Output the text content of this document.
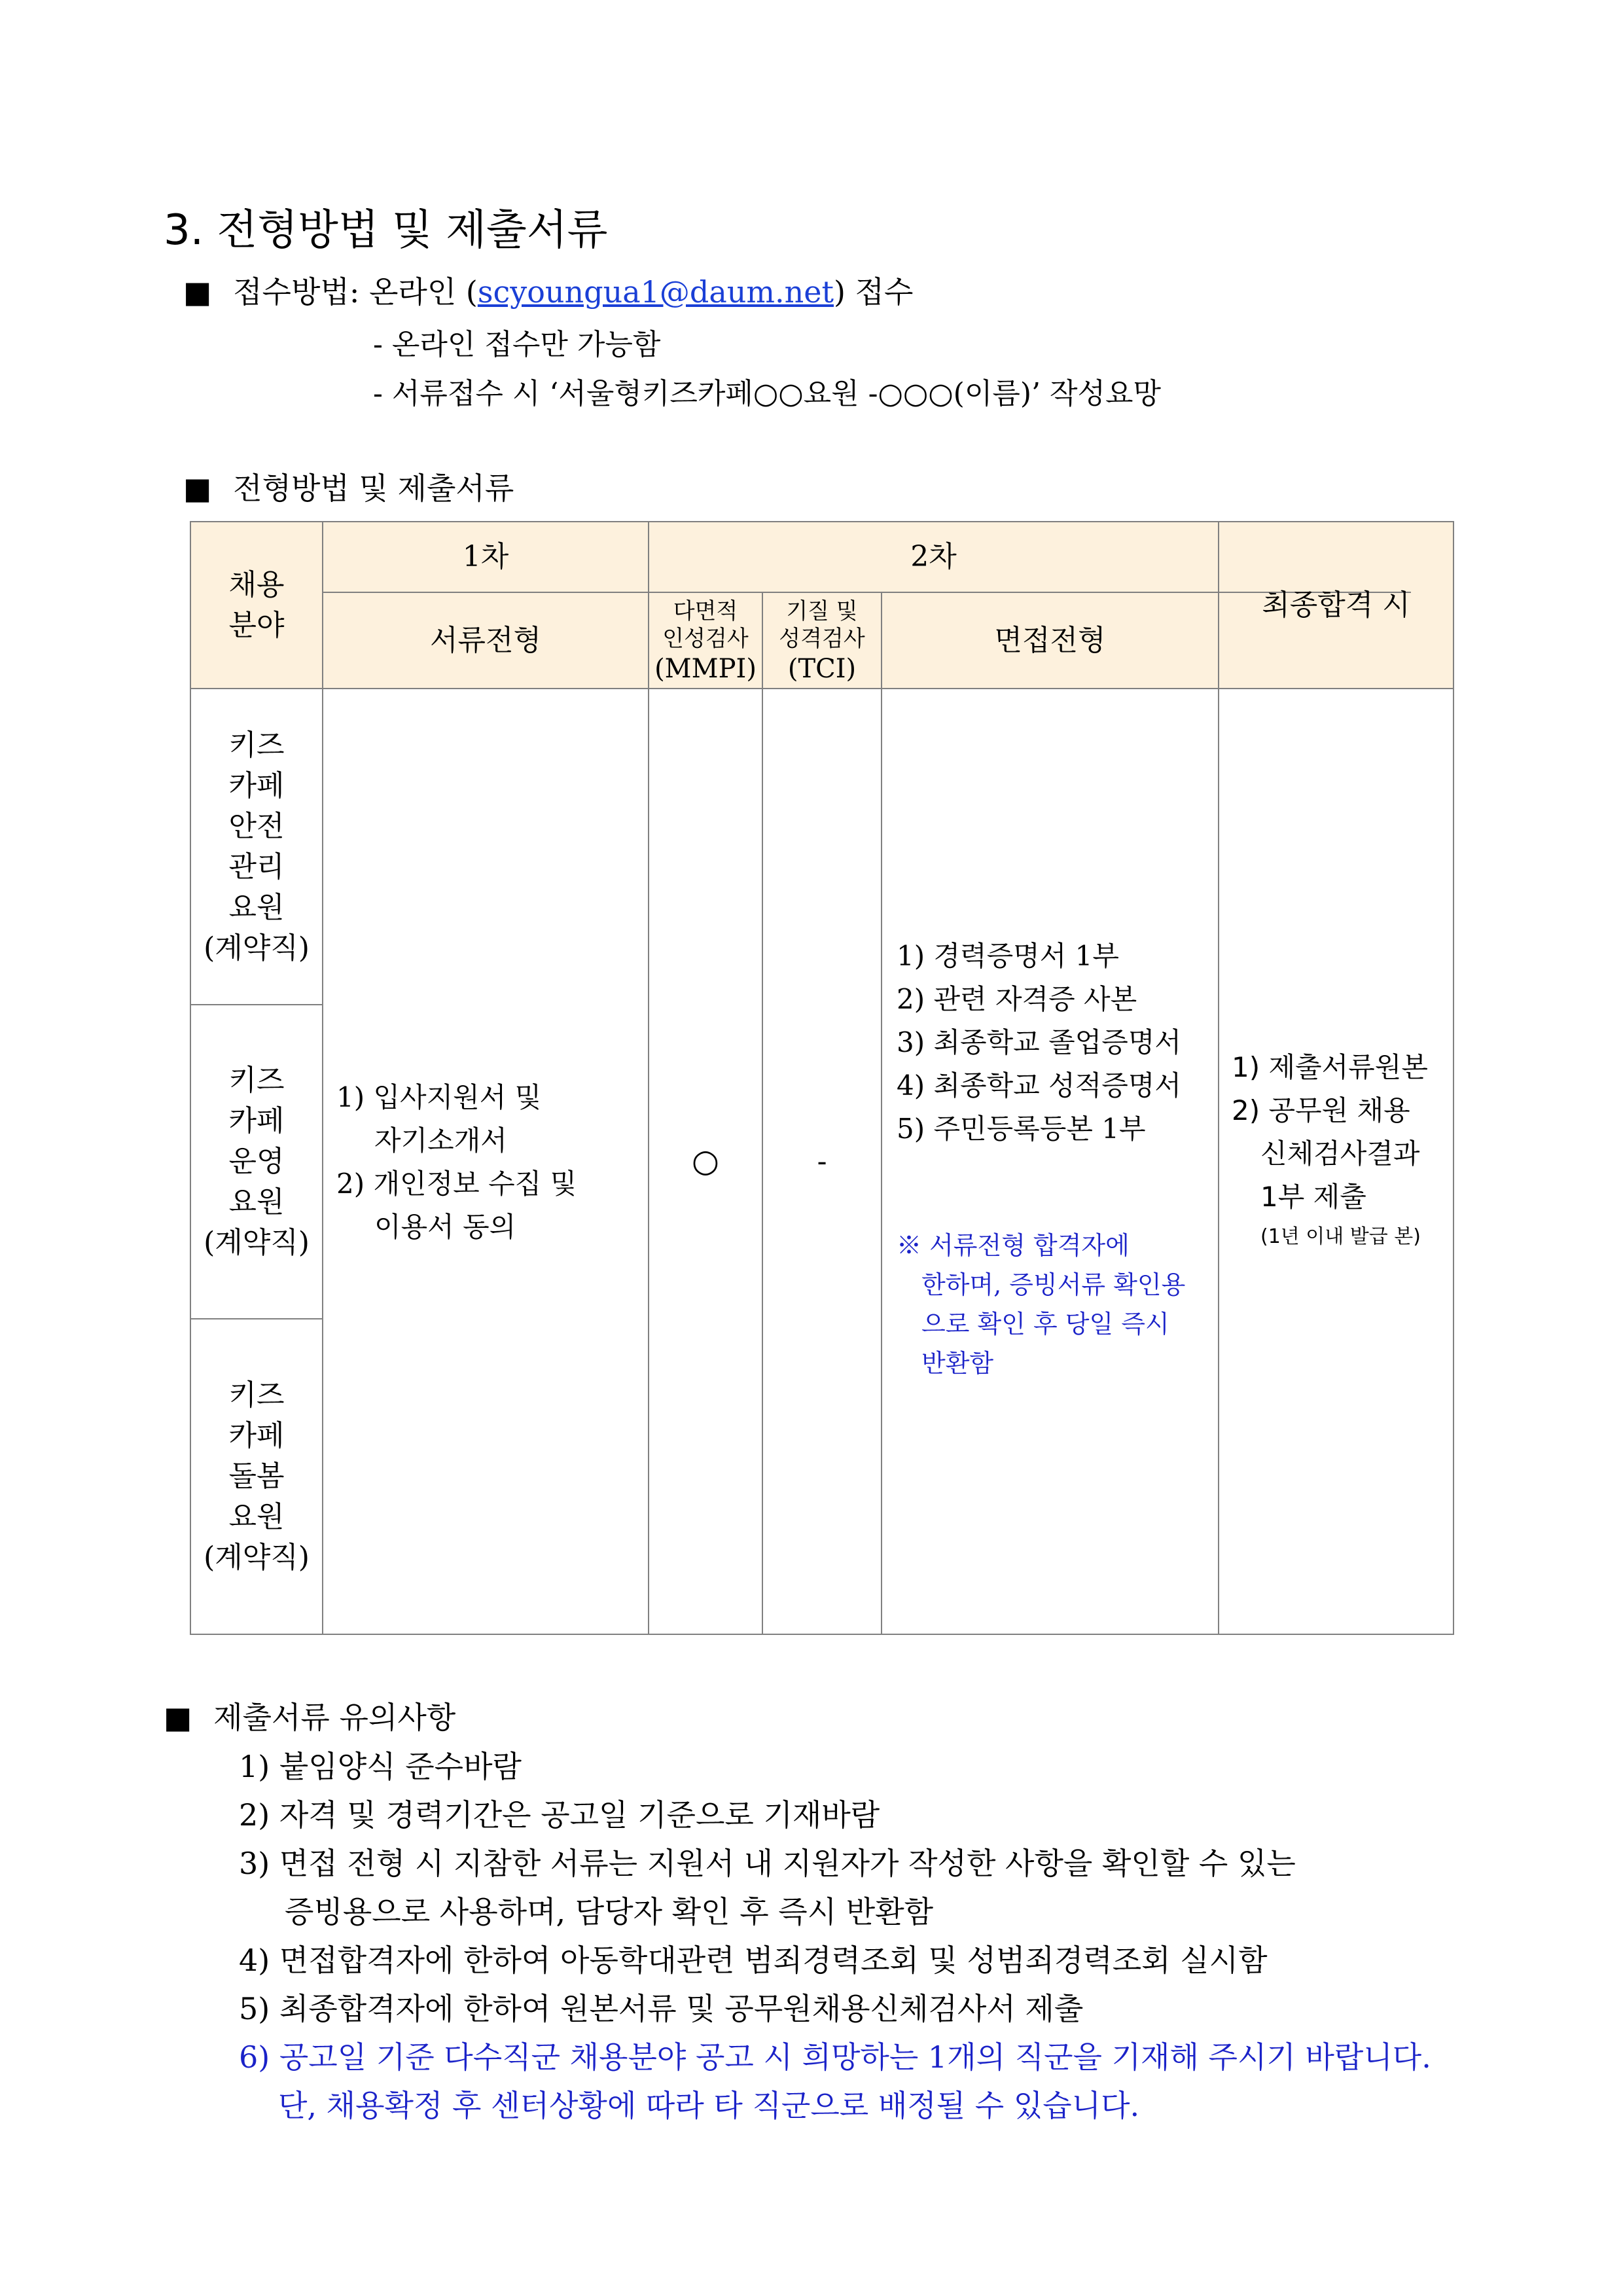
3. 전형방법 및 제출서류
■ 접수방법: 온라인 (scyoungua1@daum.net) 접수
- 온라인 접수만 가능함
- 서류접수 시 ‘서울형키즈카페○○요원 -○○○(이름)’ 작성요망
■ 전형방법 및 제출서류
채용
분야
1차	2차
최종합격 시
서류전형
다면적
인성검사
(MMPI)
기질 및
성격검사
(TCI)
면접전형
키즈
카페
안전
관리
요원
(계약직)
키즈
카페
운영
요원
(계약직)
키즈
카페
돌봄
요원
(계약직)
1) 입사지원서 및
자기소개서
2) 개인정보 수집 및
이용서 동의
○	-
1) 경력증명서 1부
2) 관련 자격증 사본
3) 최종학교 졸업증명서
4) 최종학교 성적증명서
5) 주민등록등본 1부
※ 서류전형 합격자에
한하며, 증빙서류 확인용
으로 확인 후 당일 즉시
반환함
1) 제출서류원본
2) 공무원 채용
신체검사결과
1부 제출
(1년 이내 발급 본)
■ 제출서류 유의사항
1) 붙임양식 준수바람
2) 자격 및 경력기간은 공고일 기준으로 기재바람
3) 면접 전형 시 지참한 서류는 지원서 내 지원자가 작성한 사항을 확인할 수 있는
증빙용으로 사용하며, 담당자 확인 후 즉시 반환함
4) 면접합격자에 한하여 아동학대관련 범죄경력조회 및 성범죄경력조회 실시함
5) 최종합격자에 한하여 원본서류 및 공무원채용신체검사서 제출
6) 공고일 기준 다수직군 채용분야 공고 시 희망하는 1개의 직군을 기재해 주시기 바랍니다.
단, 채용확정 후 센터상황에 따라 타 직군으로 배정될 수 있습니다.
